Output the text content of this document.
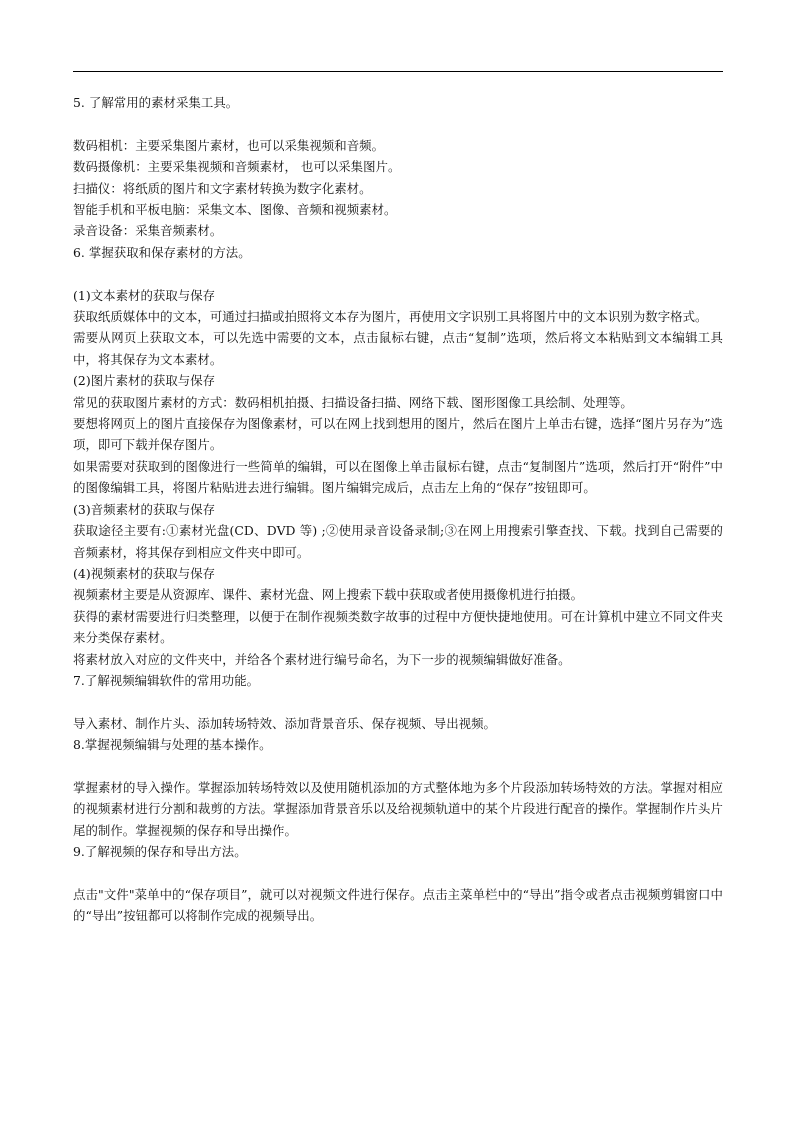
5. 了解常用的素材采集工具。

数码相机：主要采集图片素材，也可以采集视频和音频。

数码摄像机：主要采集视频和音频素材， 也可以采集图片。

扫描仪：将纸质的图片和文字素材转换为数字化素材。

智能手机和平板电脑：采集文本、图像、音频和视频素材。

录音设备：采集音频素材。

6. 掌握获取和保存素材的方法。

(1)文本素材的获取与保存

获取纸质媒体中的文本，可通过扫描或拍照将文本存为图片，再使用文字识别工具将图片中的文本识别为数字格式。

需要从网页上获取文本，可以先选中需要的文本，点击鼠标右键，点击“复制”选项，然后将文本粘贴到文本编辑工具中，将其保存为文本素材。

(2)图片素材的获取与保存

常见的获取图片素材的方式：数码相机拍摄、扫描设备扫描、网络下载、图形图像工具绘制、处理等。

要想将网页上的图片直接保存为图像素材，可以在网上找到想用的图片，然后在图片上单击右键，选择“图片另存为”选项，即可下载并保存图片。

如果需要对获取到的图像进行一些简单的编辑，可以在图像上单击鼠标右键，点击“复制图片”选项，然后打开“附件”中的图像编辑工具，将图片粘贴进去进行编辑。图片编辑完成后，点击左上角的“保存”按钮即可。

(3)音频素材的获取与保存

获取途径主要有:①素材光盘(CD、DVD 等) ;②使用录音设备录制;③在网上用搜索引擎查找、下载。找到自己需要的音频素材，将其保存到相应文件夹中即可。

(4)视频素材的获取与保存

视频素材主要是从资源库、课件、素材光盘、网上搜索下载中获取或者使用摄像机进行拍摄。

获得的素材需要进行归类整理，以便于在制作视频类数字故事的过程中方便快捷地使用。可在计算机中建立不同文件夹来分类保存素材。

将素材放入对应的文件夹中，并给各个素材进行编号命名，为下一步的视频编辑做好准备。

7.了解视频编辑软件的常用功能。

导入素材、制作片头、添加转场特效、添加背景音乐、保存视频、导出视频。

8.掌握视频编辑与处理的基本操作。

掌握素材的导入操作。掌握添加转场特效以及使用随机添加的方式整体地为多个片段添加转场特效的方法。掌握对相应的视频素材进行分割和裁剪的方法。掌握添加背景音乐以及给视频轨道中的某个片段进行配音的操作。掌握制作片头片尾的制作。掌握视频的保存和导出操作。

9.了解视频的保存和导出方法。

点击"文件"菜单中的“保存项目”，就可以对视频文件进行保存。点击主菜单栏中的“导出”指令或者点击视频剪辑窗口中的“导出”按钮都可以将制作完成的视频导出。
